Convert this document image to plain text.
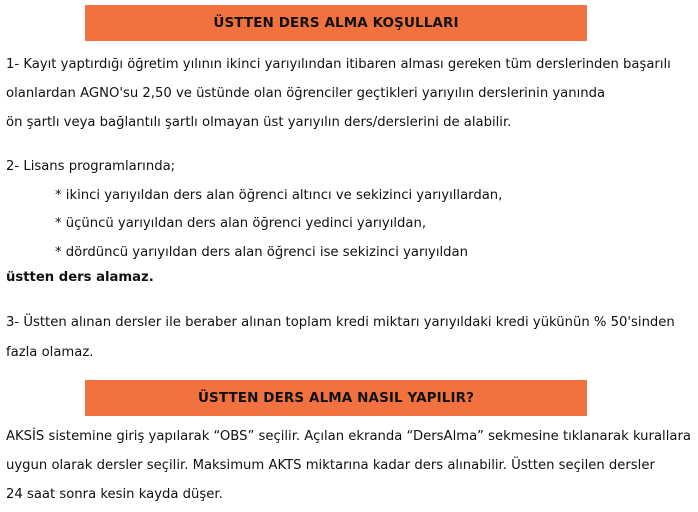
ÜSTTEN DERS ALMA KOŞULLARI
1- Kayıt yaptırdığı öğretim yılının ikinci yarıyılından itibaren alması gereken tüm derslerinden başarılı
olanlardan AGNO'su 2,50 ve üstünde olan öğrenciler geçtikleri yarıyılın derslerinin yanında
ön şartlı veya bağlantılı şartlı olmayan üst yarıyılın ders/derslerini de alabilir.
2- Lisans programlarında;
* ikinci yarıyıldan ders alan öğrenci altıncı ve sekizinci yarıyıllardan,
* üçüncü yarıyıldan ders alan öğrenci yedinci yarıyıldan,
* dördüncü yarıyıldan ders alan öğrenci ise sekizinci yarıyıldan
üstten ders alamaz.
3- Üstten alınan dersler ile beraber alınan toplam kredi miktarı yarıyıldaki kredi yükünün % 50'sinden
fazla olamaz.
ÜSTTEN DERS ALMA NASIL YAPILIR?
AKSİS sistemine giriş yapılarak “OBS” seçilir. Açılan ekranda “DersAlma” sekmesine tıklanarak kurallara
uygun olarak dersler seçilir. Maksimum AKTS miktarına kadar ders alınabilir. Üstten seçilen dersler
24 saat sonra kesin kayda düşer.
